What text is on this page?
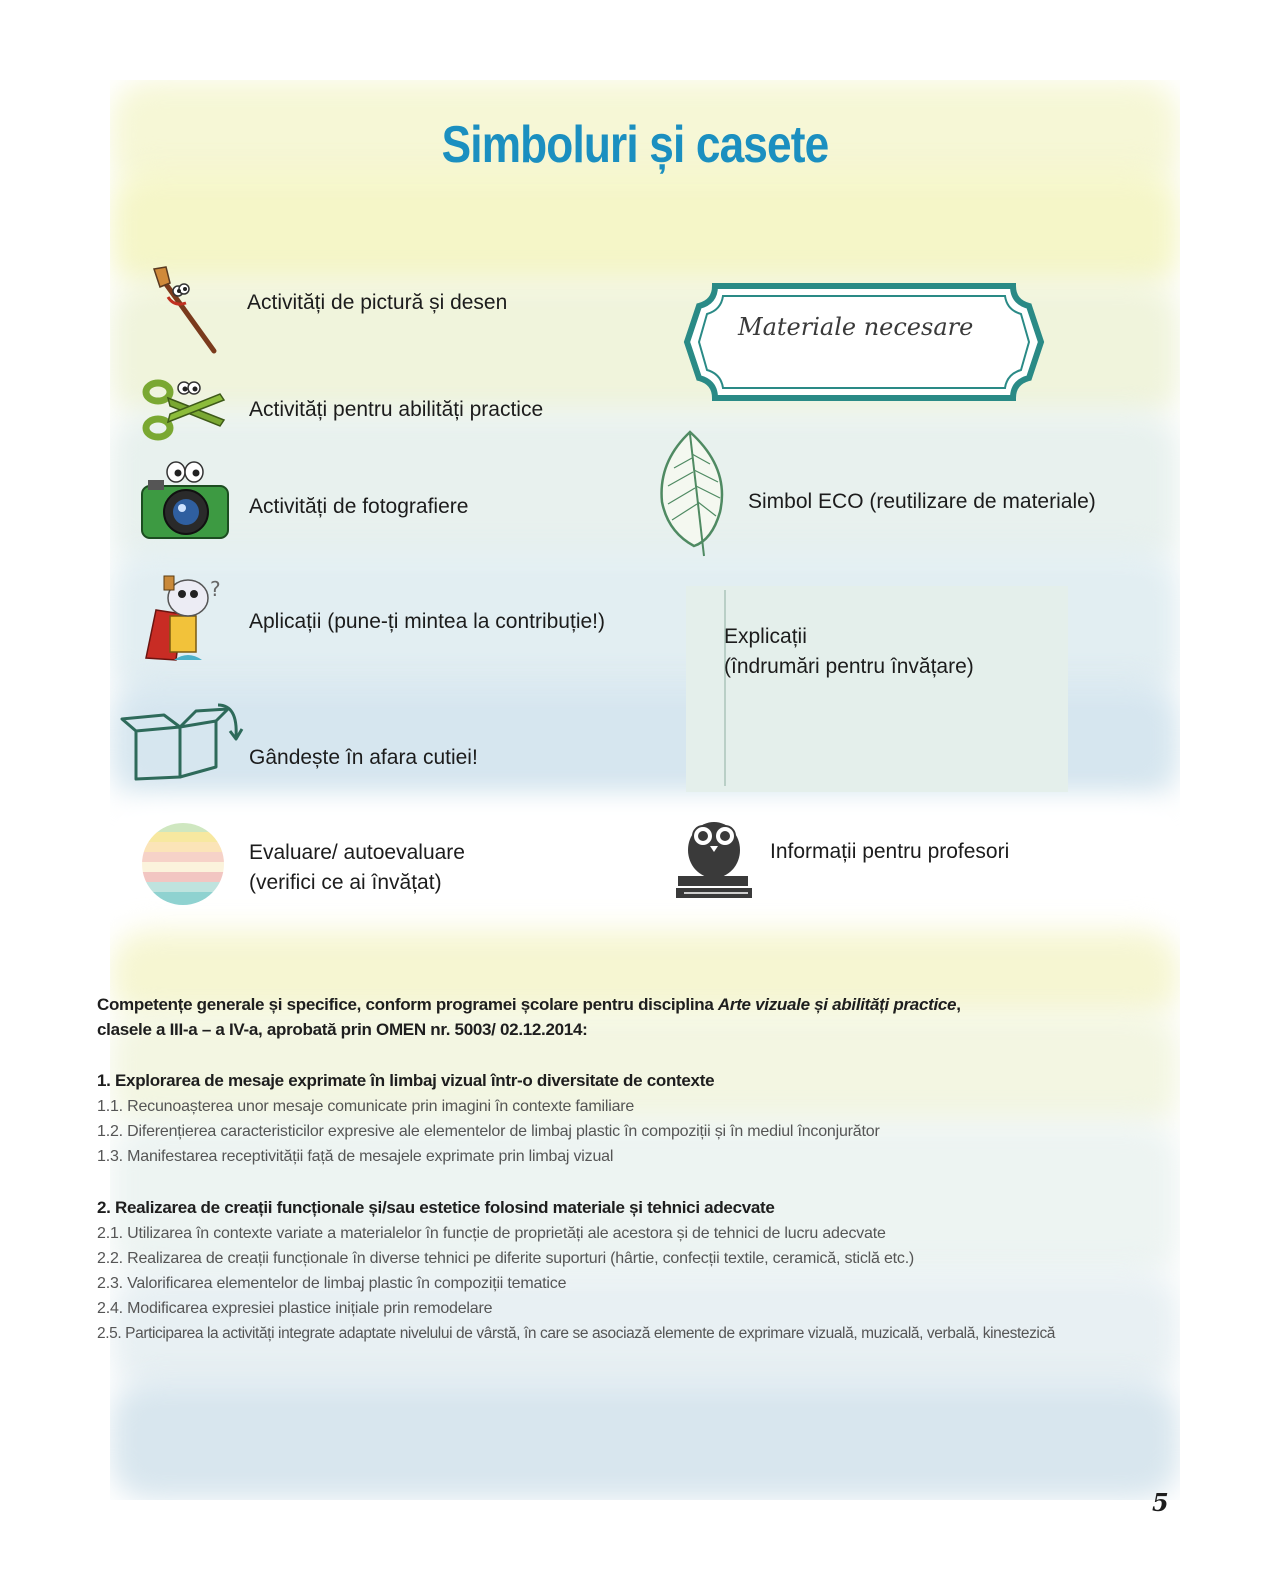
Simboluri și casete
Activități de pictură și desen
Activități pentru abilități practice
Activități de fotografiere
?
Aplicații (pune-ți mintea la contribuție!)
Gândește în afara cutiei!
Evaluare/ autoevaluare
(verifici ce ai învățat)
Materiale necesare
Simbol ECO (reutilizare de materiale)
Explicații
(îndrumări pentru învățare)
Informații pentru profesori
Competențe generale și specifice, conform programei școlare pentru disciplina Arte vizuale și abilități practice,
clasele a III-a – a IV-a, aprobată prin OMEN nr. 5003/ 02.12.2014:
1. Explorarea de mesaje exprimate în limbaj vizual într-o diversitate de contexte
1.1. Recunoașterea unor mesaje comunicate prin imagini în contexte familiare
1.2. Diferențierea caracteristicilor expresive ale elementelor de limbaj plastic în compoziții și în mediul înconjurător
1.3. Manifestarea receptivității față de mesajele exprimate prin limbaj vizual
2. Realizarea de creații funcționale și/sau estetice folosind materiale și tehnici adecvate
2.1. Utilizarea în contexte variate a materialelor în funcție de proprietăți ale acestora și de tehnici de lucru adecvate
2.2. Realizarea de creații funcționale în diverse tehnici pe diferite suporturi (hârtie, confecții textile, ceramică, sticlă etc.)
2.3. Valorificarea elementelor de limbaj plastic în compoziții tematice
2.4. Modificarea expresiei plastice inițiale prin remodelare
2.5. Participarea la activități integrate adaptate nivelului de vârstă, în care se asociază elemente de exprimare vizuală, muzicală, verbală, kinestezică
5
